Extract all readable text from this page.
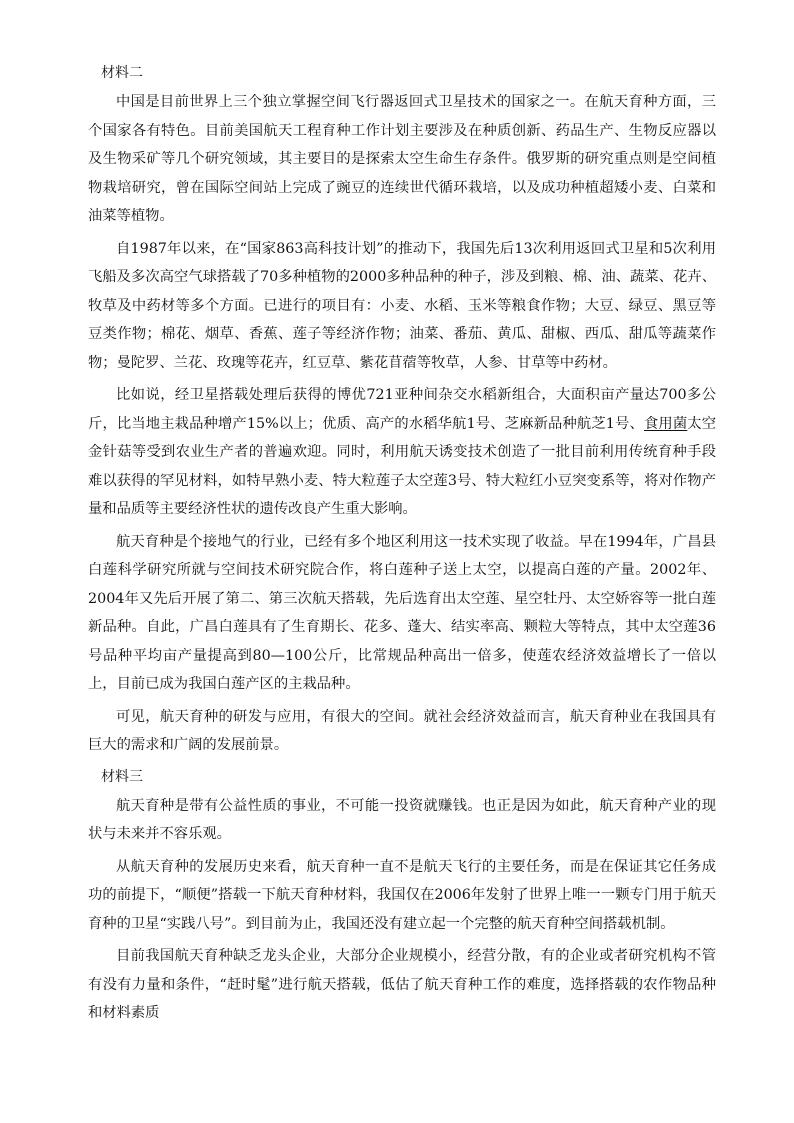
材料二

中国是目前世界上三个独立掌握空间飞行器返回式卫星技术的国家之一。在航天育种方面，三个国家各有特色。目前美国航天工程育种工作计划主要涉及在种质创新、药品生产、生物反应器以及生物采矿等几个研究领域，其主要目的是探索太空生命生存条件。俄罗斯的研究重点则是空间植物栽培研究，曾在国际空间站上完成了豌豆的连续世代循环栽培，以及成功种植超矮小麦、白菜和油菜等植物。

自1987年以来，在“国家863高科技计划”的推动下，我国先后13次利用返回式卫星和5次利用飞船及多次高空气球搭载了70多种植物的2000多种品种的种子，涉及到粮、棉、油、蔬菜、花卉、牧草及中药材等多个方面。已进行的项目有：小麦、水稻、玉米等粮食作物；大豆、绿豆、黑豆等豆类作物；棉花、烟草、香蕉、莲子等经济作物；油菜、番茄、黄瓜、甜椒、西瓜、甜瓜等蔬菜作物；曼陀罗、兰花、玫瑰等花卉，红豆草、紫花苜蓿等牧草，人参、甘草等中药材。

比如说，经卫星搭载处理后获得的博优721亚种间杂交水稻新组合，大面积亩产量达700多公斤，比当地主栽品种增产15%以上；优质、高产的水稻华航1号、芝麻新品种航芝1号、食用菌太空金针菇等受到农业生产者的普遍欢迎。同时，利用航天诱变技术创造了一批目前利用传统育种手段难以获得的罕见材料，如特早熟小麦、特大粒莲子太空莲3号、特大粒红小豆突变系等，将对作物产量和品质等主要经济性状的遗传改良产生重大影响。

航天育种是个接地气的行业，已经有多个地区利用这一技术实现了收益。早在1994年，广昌县白莲科学研究所就与空间技术研究院合作，将白莲种子送上太空，以提高白莲的产量。2002年、2004年又先后开展了第二、第三次航天搭载，先后选育出太空莲、星空牡丹、太空娇容等一批白莲新品种。自此，广昌白莲具有了生育期长、花多、蓬大、结实率高、颗粒大等特点，其中太空莲36号品种平均亩产量提高到80—100公斤，比常规品种高出一倍多，使莲农经济效益增长了一倍以上，目前已成为我国白莲产区的主栽品种。

可见，航天育种的研发与应用，有很大的空间。就社会经济效益而言，航天育种业在我国具有巨大的需求和广阔的发展前景。

材料三

航天育种是带有公益性质的事业，不可能一投资就赚钱。也正是因为如此，航天育种产业的现状与未来并不容乐观。

从航天育种的发展历史来看，航天育种一直不是航天飞行的主要任务，而是在保证其它任务成功的前提下，“顺便”搭载一下航天育种材料，我国仅在2006年发射了世界上唯一一颗专门用于航天育种的卫星“实践八号”。到目前为止，我国还没有建立起一个完整的航天育种空间搭载机制。

目前我国航天育种缺乏龙头企业，大部分企业规模小，经营分散，有的企业或者研究机构不管有没有力量和条件，“赶时髦”进行航天搭载，低估了航天育种工作的难度，选择搭载的农作物品种和材料素质
